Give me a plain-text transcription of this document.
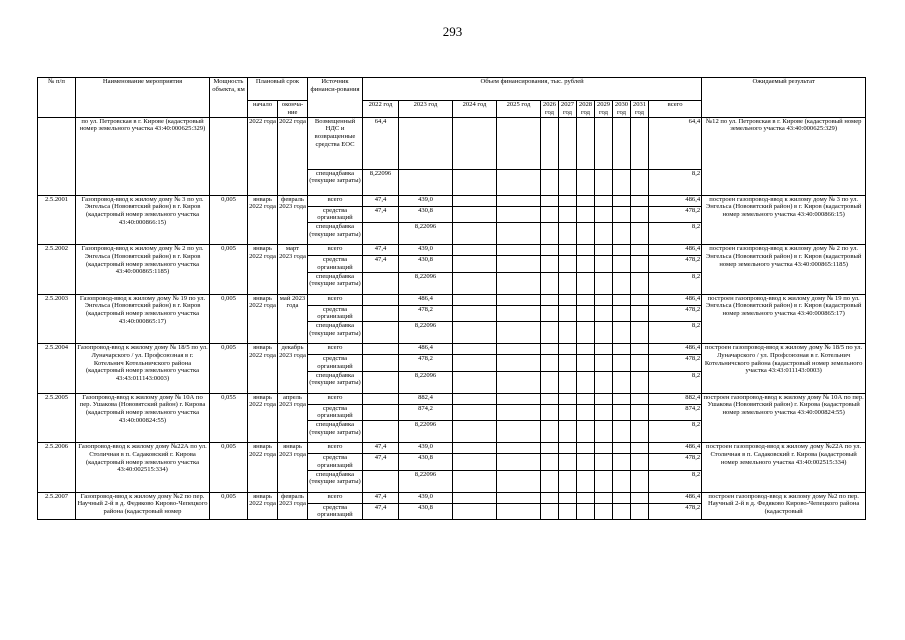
293
№ п/п	Наименование мероприятия	Мощность объекта, км	Плановый срок		Источник финанси-рования	Объем финансирования, тыс. рублей											Ожидаемый результат
			начало	оконча-ние		2022 год	2023 год	2024 год	2025 год	2026 год	2027 год	2028 год	2029 год	2030 год	2031 год	всего	
	по ул. Петровская в г. Кирове (кадастровый номер земельного участка 43:40:000625:329)		2022 года	2022 года	Возмещенный НДС и возвращенные средства ЕОС	64,4										64,4	№12 по ул. Петровская в г. Кирове (кадастровый номер земельного участка 43:40:000625:329)
					спецнадбавка (текущие затраты)	8,22096										8,2	
2.5.2001	Газопровод-ввод к жилому дому № 3 по ул. Энгельса (Нововятский район) в г. Киров (кадастровый номер земельного участка 43:40:000866:15)	0,005	январь 2022 года	февраль 2023 года	всего	47,4	439,0									486,4	построен газопровод-ввод к жилому дому № 3 по ул. Энгельса (Нововятский район) в г. Киров (кадастровый номер земельного участка 43:40:000866:15)
					средства организаций	47,4	430,8									478,2	
					спецнадбавка (текущие затраты)		8,22096									8,2	
2.5.2002	Газопровод-ввод к жилому дому № 2 по ул. Энгельса (Нововятский район) в г. Киров (кадастровый номер земельного участка 43:40:000865:1185)	0,005	январь 2022 года	март 2023 года	всего	47,4	439,0									486,4	построен газопровод-ввод к жилому дому № 2 по ул. Энгельса (Нововятский район) в г. Киров (кадастровый номер земельного участка 43:40:000865:1185)
					средства организаций	47,4	430,8									478,2	
					спецнадбавка (текущие затраты)		8,22096									8,2	
2.5.2003	Газопровод-ввод к жилому дому № 19 по ул. Энгельса (Нововятский район) в г. Киров (кадастровый номер земельного участка 43:40:000865:17)	0,005	январь 2022 года	май 2023 года	всего		486,4									486,4	построен газопровод-ввод к жилому дому № 19 по ул. Энгельса (Нововятский район) в г. Киров (кадастровый номер земельного участка 43:40:000865:17)
					средства организаций		478,2									478,2	
					спецнадбавка (текущие затраты)		8,22096									8,2	
2.5.2004	Газопровод-ввод к жилому дому № 18/5 по ул. Луначарского / ул. Профсоюзная в г. Котельнич Котельничского района (кадастровый номер земельного участка 43:43:011143:0003)	0,005	январь 2022 года	декабрь 2023 года	всего		486,4									486,4	построен газопровод-ввод к жилому дому № 18/5 по ул. Луначарского / ул. Профсоюзная в г. Котельнич Котельничского района (кадастровый номер земельного участка 43:43:011143:0003)
					средства организаций		478,2									478,2	
					спецнадбавка (текущие затраты)		8,22096									8,2	
2.5.2005	Газопровод-ввод к жилому дому № 10А по пер. Ушакова (Нововятский район) г. Кирова (кадастровый номер земельного участка 43:40:000824:55)	0,055	январь 2022 года	апрель 2023 года	всего		882,4									882,4	построен газопровод-ввод к жилому дому № 10А по пер. Ушакова (Нововятский район) г. Кирова (кадастровый номер земельного участка 43:40:000824:55)
					средства организаций		874,2									874,2	
					спецнадбавка (текущие затраты)		8,22096									8,2	
2.5.2006	Газопровод-ввод к жилому дому №22А по ул. Столичная в п. Садаковский г. Кирова (кадастровый номер земельного участка 43:40:002515:334)	0,005	январь 2022 года	январь 2023 года	всего	47,4	439,0									486,4	построен газопровод-ввод к жилому дому №22А по ул. Столичная в п. Садаковский г. Кирова (кадастровый номер земельного участка 43:40:002515:334)
					средства организаций	47,4	430,8									478,2	
					спецнадбавка (текущие затраты)		8,22096									8,2	
2.5.2007	Газопровод-ввод к жилому дому №2 по пер. Научный 2-й в д. Федяково Кирово-Чепецкого района (кадастровый номер	0,005	январь 2022 года	февраль 2023 года	всего	47,4	439,0									486,4	построен газопровод-ввод к жилому дому №2 по пер. Научный 2-й в д. Федяково Кирово-Чепецкого района (кадастровый
					средства организаций	47,4	430,8									478,2	
